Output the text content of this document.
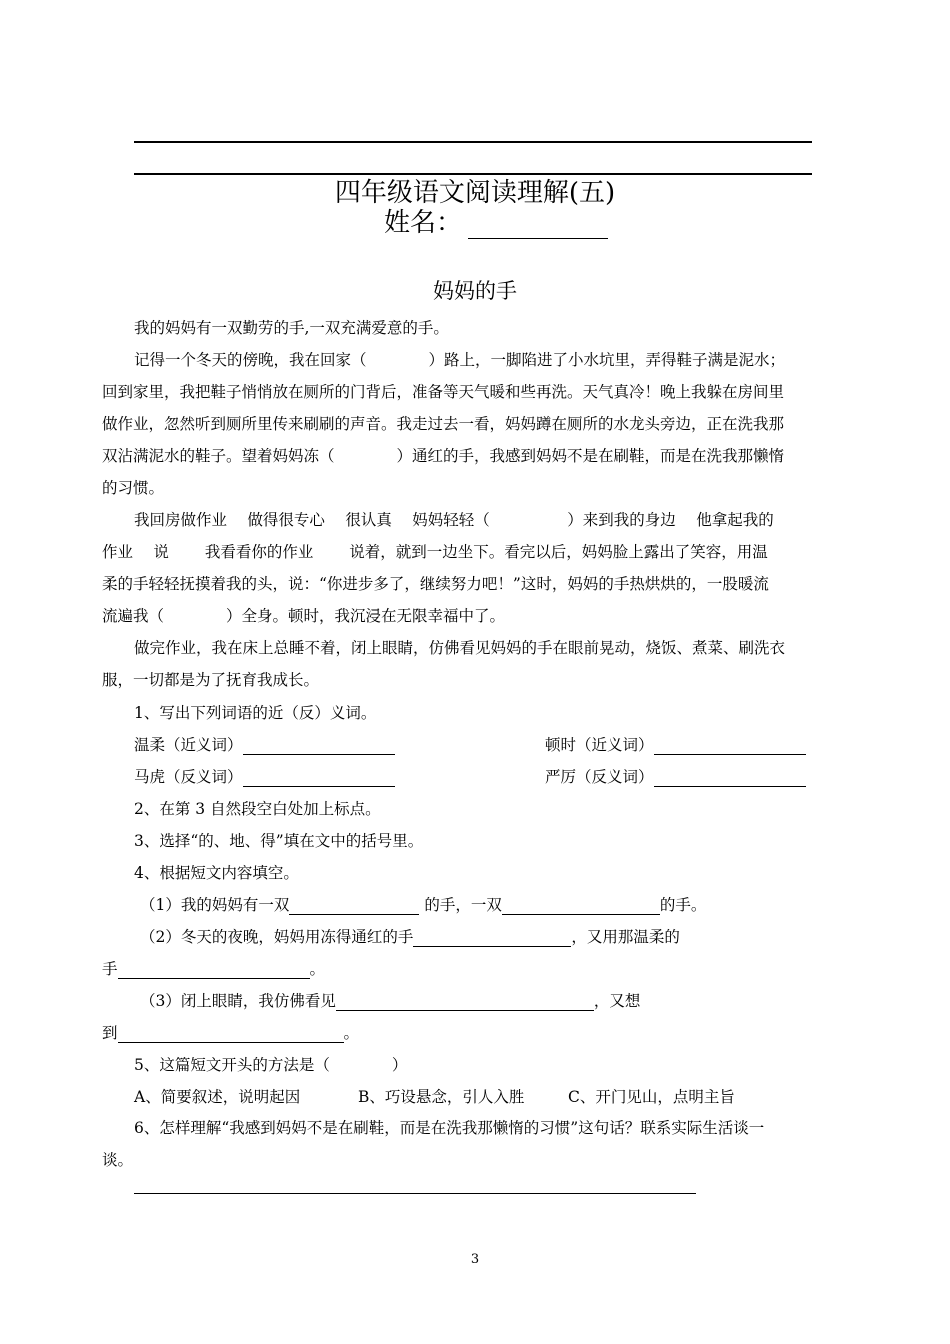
四年级语文阅读理解(五)
姓名：
妈妈的手
我的妈妈有一双勤劳的手,一双充满爱意的手。
记得一个冬天的傍晚，我在回家（　　　　）路上，一脚陷进了小水坑里，弄得鞋子满是泥水；
回到家里，我把鞋子悄悄放在厕所的门背后，准备等天气暖和些再洗。天气真冷！晚上我躲在房间里
做作业，忽然听到厕所里传来刷刷的声音。我走过去一看，妈妈蹲在厕所的水龙头旁边，正在洗我那
双沾满泥水的鞋子。望着妈妈冻（　　　　）通红的手，我感到妈妈不是在刷鞋，而是在洗我那懒惰
的习惯。
我回房做作业　 做得很专心　 很认真　 妈妈轻轻（　　　　　）来到我的身边　 他拿起我的
作业　 说　　 我看看你的作业　　 说着，就到一边坐下。看完以后，妈妈脸上露出了笑容，用温
柔的手轻轻抚摸着我的头，说：“你进步多了，继续努力吧！”这时，妈妈的手热烘烘的，一股暖流
流遍我（　　　　）全身。顿时，我沉浸在无限幸福中了。
做完作业，我在床上总睡不着，闭上眼睛，仿佛看见妈妈的手在眼前晃动，烧饭、煮菜、刷洗衣
服，一切都是为了抚育我成长。
1、写出下列词语的近（反）义词。
温柔（近义词）	顿时（近义词）
马虎（反义词）	严厉（反义词）
2、在第 3 自然段空白处加上标点。
3、选择“的、地、得”填在文中的括号里。
4、根据短文内容填空。
（1）我的妈妈有一双	的手，一双	的手。
（2）冬天的夜晚，妈妈用冻得通红的手	，又用那温柔的
手	。
（3）闭上眼睛，我仿佛看见	，又想
到	。
5、这篇短文开头的方法是（　　　　）
A、简要叙述，说明起因	B、巧设悬念，引人入胜	C、开门见山，点明主旨
6、怎样理解“我感到妈妈不是在刷鞋，而是在洗我那懒惰的习惯”这句话？联系实际生活谈一
谈。
3
